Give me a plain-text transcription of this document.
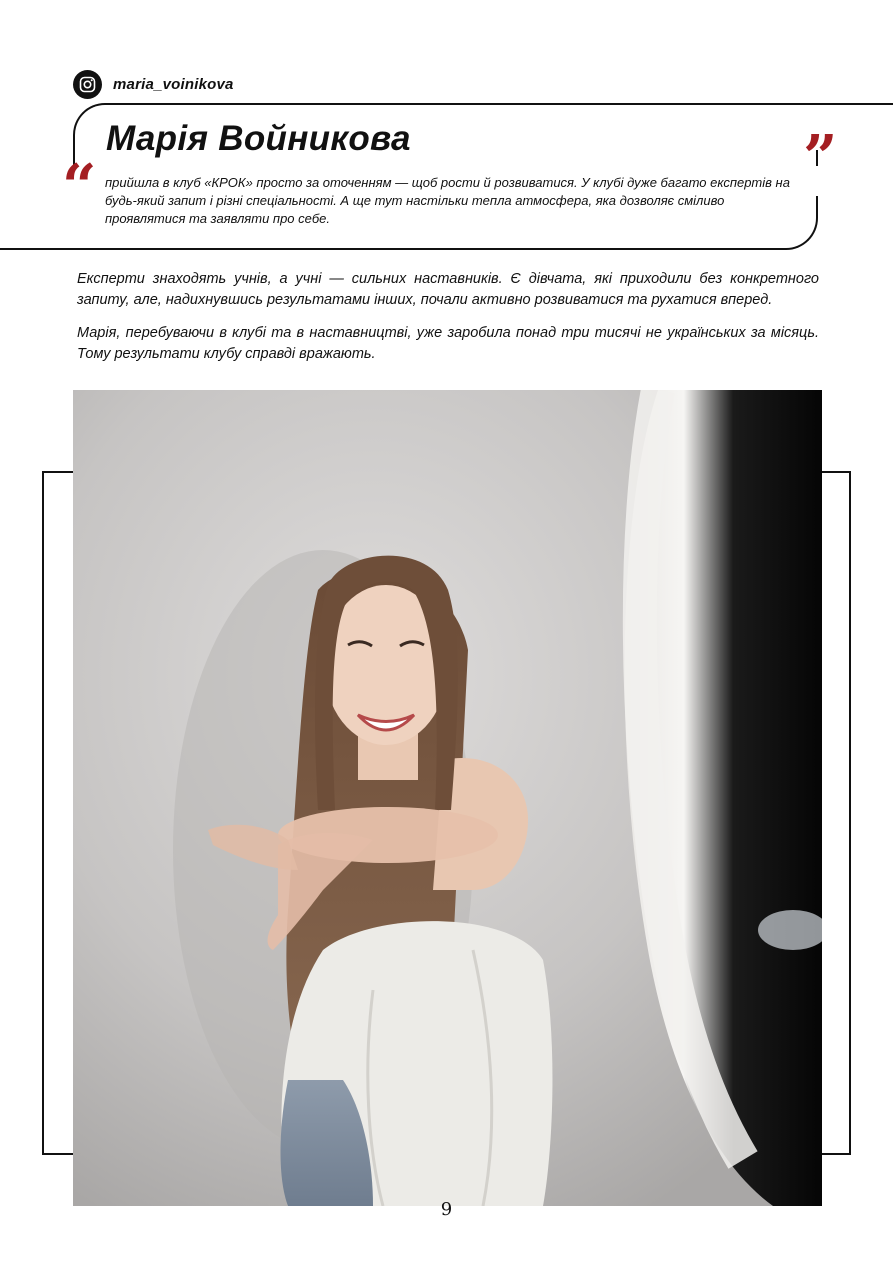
maria_voinikova
Марія Войникова
“	”
прийшла в клуб «КРОК» просто за оточенням — щоб рости й розвиватися. У клубі дуже багато експертів на будь-який запит і різні спеціальності. А ще тут настільки тепла атмосфера, яка дозволяє сміливо проявлятися та заявляти про себе.

Експерти знаходять учнів, а учні — сильних наставників. Є дівчата, які приходили без конкретного запиту, але, надихнувшись результатами інших, почали активно розвиватися та рухатися вперед.

Марія, перебуваючи в клубі та в наставництві, уже заробила понад три тисячі не українських за місяць. Тому результати клубу справді вражають.

9
